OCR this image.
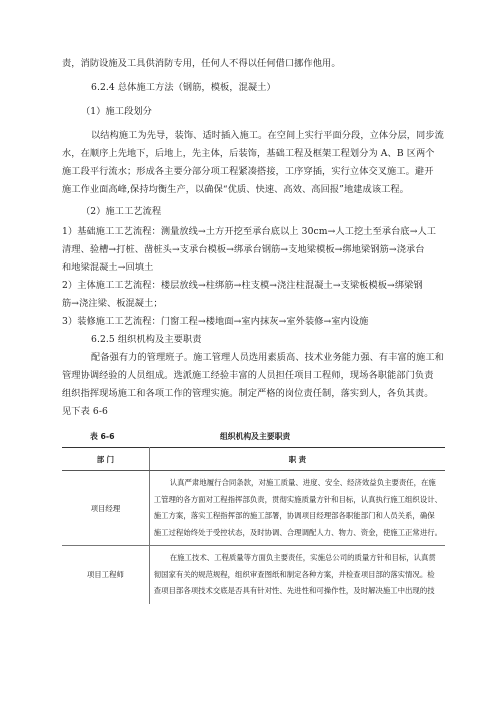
责，消防设施及工具供消防专用，任何人不得以任何借口挪作他用。
6.2.4 总体施工方法（钢筋，模板，混凝土）
（1）施工段划分
以结构施工为先导，装饰、适时插入施工。在空间上实行平面分段，立体分层，同步流
水，在顺序上先地下，后地上，先主体，后装饰，基础工程及框架工程划分为 A、B 区两个
施工段平行流水；形成各主要分部分项工程紧凑搭接，工序穿插，实行立体交叉施工。避开
施工作业面高峰,保持均衡生产，以确保“优质、快速、高效、高回报”地建成该工程。
（2）施工工艺流程
1）基础施工工艺流程：测量放线→土方开挖至承台底以上 30cm→人工挖土至承台底→人工
清理、验槽→打桩、凿桩头→支承台模板→绑承台钢筋→支地梁模板→绑地梁钢筋→浇承台
和地梁混凝土→回填土
2）主体施工工艺流程：楼层放线→柱绑筋→柱支模→浇注柱混凝土→支梁板模板→绑梁钢
筋→浇注梁、板混凝土；
3）装修施工工艺流程：门窗工程→楼地面→室内抹灰→室外装修→室内设施
6.2.5 组织机构及主要职责
部 门	职 责
项目经理	认真严肃地履行合同条款，对施工质量、进度、安全、经济效益负主要责任，在施
工管理的各方面对工程指挥部负责，贯彻实施质量方针和目标，认真执行施工组织设计、
施工方案，落实工程指挥部的施工部署，协调项目经理部各职能部门和人员关系，确保
施工过程始终处于受控状态，及时协调、合理调配人力、物力、资金，使施工正常进行。

项目工程师	在施工技术、工程质量等方面负主要责任，实施总公司的质量方针和目标，认真贯
彻国家有关的规范规程，组织审查图纸和制定各种方案，并检查项目部的落实情况。检
查项目部各项技术交底是否具有针对性、先进性和可操作性，及时解决施工中出现的技
配备强有力的管理班子。施工管理人员选用素质高、技术业务能力强、有丰富的施工和
管理协调经验的人员组成。选派施工经验丰富的人员担任项目工程师，现场各职能部门负责
组织指挥现场施工和各项工作的管理实施。制定严格的岗位责任制，落实到人，各负其责。
见下表 6-6
表 6-6	组织机构及主要职责
